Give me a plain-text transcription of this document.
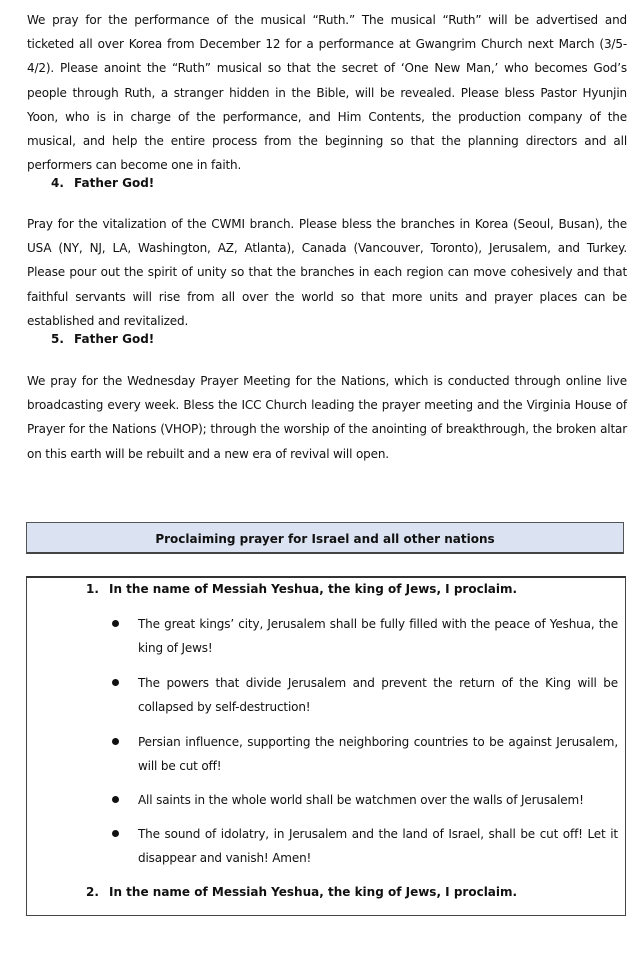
We pray for the performance of the musical “Ruth.” The musical “Ruth” will be advertised and ticketed all over Korea from December 12 for a performance at Gwangrim Church next March (3/5-4/2). Please anoint the “Ruth” musical so that the secret of ‘One New Man,’ who becomes God’s people through Ruth, a stranger hidden in the Bible, will be revealed. Please bless Pastor Hyunjin Yoon, who is in charge of the performance, and Him Contents, the production company of the musical, and help the entire process from the beginning so that the planning directors and all performers can become one in faith.

4. Father God!

Pray for the vitalization of the CWMI branch. Please bless the branches in Korea (Seoul, Busan), the USA (NY, NJ, LA, Washington, AZ, Atlanta), Canada (Vancouver, Toronto), Jerusalem, and Turkey. Please pour out the spirit of unity so that the branches in each region can move cohesively and that faithful servants will rise from all over the world so that more units and prayer places can be established and revitalized.

5. Father God!

We pray for the Wednesday Prayer Meeting for the Nations, which is conducted through online live broadcasting every week. Bless the ICC Church leading the prayer meeting and the Virginia House of Prayer for the Nations (VHOP); through the worship of the anointing of breakthrough, the broken altar on this earth will be rebuilt and a new era of revival will open.

Proclaiming prayer for Israel and all other nations

1. In the name of Messiah Yeshua, the king of Jews, I proclaim.

The great kings’ city, Jerusalem shall be fully filled with the peace of Yeshua, the king of Jews!

The powers that divide Jerusalem and prevent the return of the King will be collapsed by self-destruction!

Persian influence, supporting the neighboring countries to be against Jerusalem, will be cut off!

All saints in the whole world shall be watchmen over the walls of Jerusalem!

The sound of idolatry, in Jerusalem and the land of Israel, shall be cut off! Let it disappear and vanish! Amen!

2. In the name of Messiah Yeshua, the king of Jews, I proclaim.
